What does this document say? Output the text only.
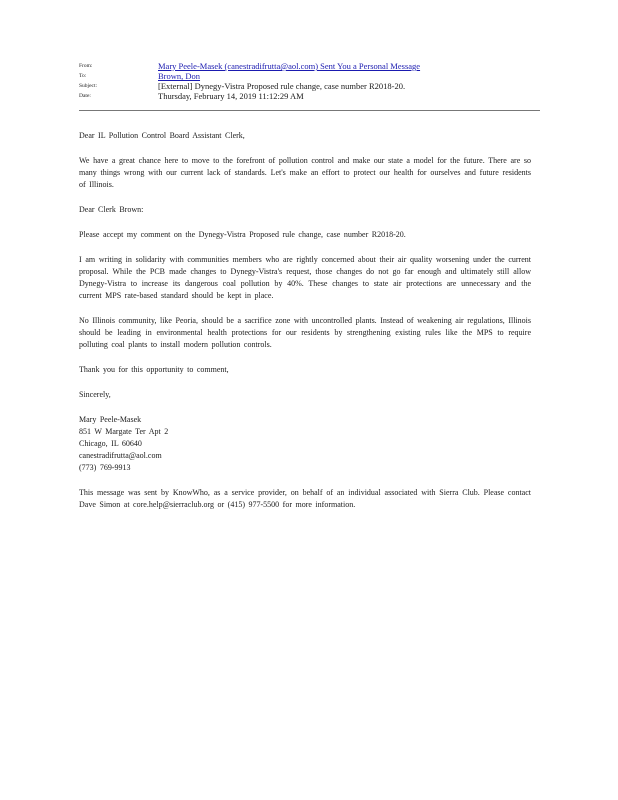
From:	Mary Peele-Masek (canestradifrutta@aol.com) Sent You a Personal Message
To:	Brown, Don
Subject:	[External] Dynegy-Vistra Proposed rule change, case number R2018-20.
Date:	Thursday, February 14, 2019 11:12:29 AM

Dear IL Pollution Control Board Assistant Clerk,

We have a great chance here to move to the forefront of pollution control and make our state a model for the future. There are so many things wrong with our current lack of standards. Let's make an effort to protect our health for ourselves and future residents of Illinois.

Dear Clerk Brown:

Please accept my comment on the Dynegy-Vistra Proposed rule change, case number R2018-20.

I am writing in solidarity with communities members who are rightly concerned about their air quality worsening under the current proposal. While the PCB made changes to Dynegy-Vistra's request, those changes do not go far enough and ultimately still allow Dynegy-Vistra to increase its dangerous coal pollution by 40%. These changes to state air protections are unnecessary and the current MPS rate-based standard should be kept in place.

No Illinois community, like Peoria, should be a sacrifice zone with uncontrolled plants. Instead of weakening air regulations, Illinois should be leading in environmental health protections for our residents by strengthening existing rules like the MPS to require polluting coal plants to install modern pollution controls.

Thank you for this opportunity to comment,

Sincerely,

Mary Peele-Masek
851 W Margate Ter Apt 2
Chicago, IL 60640
canestradifrutta@aol.com
(773) 769-9913

This message was sent by KnowWho, as a service provider, on behalf of an individual associated with Sierra Club. Please contact Dave Simon at core.help@sierraclub.org or (415) 977-5500 for more information.
